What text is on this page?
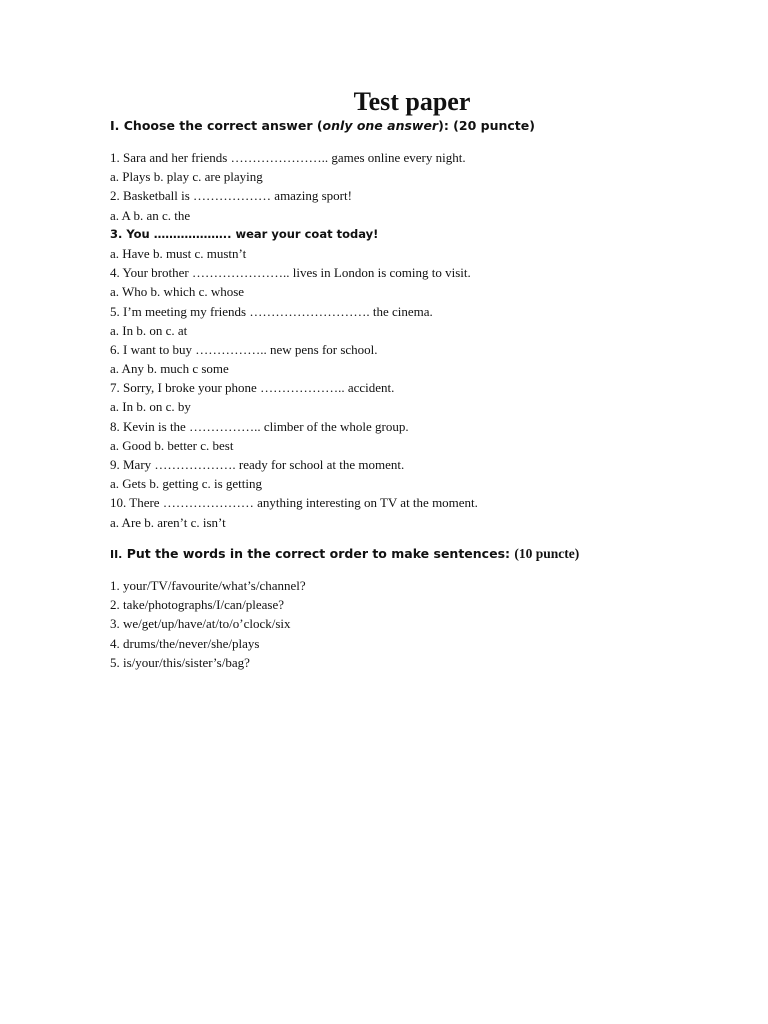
Test paper
I. Choose the correct answer (only one answer): (20 puncte)
1. Sara and her friends ………………….. games online every night.
a. Plays b. play c. are playing
2. Basketball is ……………… amazing sport!
a. A b. an c. the
3. You ……………….. wear your coat today!
a. Have b. must c. mustn’t
4. Your brother ………………….. lives in London is coming to visit.
a. Who b. which c. whose
5. I’m meeting my friends ………………………. the cinema.
a. In b. on c. at
6. I want to buy …………….. new pens for school.
a. Any b. much c some
7. Sorry, I broke your phone ……………….. accident.
a. In b. on c. by
8. Kevin is the …………….. climber of the whole group.
a. Good b. better c. best
9. Mary ………………. ready for school at the moment.
a. Gets b. getting c. is getting
10. There ………………… anything interesting on TV at the moment.
a. Are b. aren’t c. isn’t
II. Put the words in the correct order to make sentences: (10 puncte)
1. your/TV/favourite/what’s/channel?
2. take/photographs/I/can/please?
3. we/get/up/have/at/to/o’clock/six
4. drums/the/never/she/plays
5. is/your/this/sister’s/bag?
